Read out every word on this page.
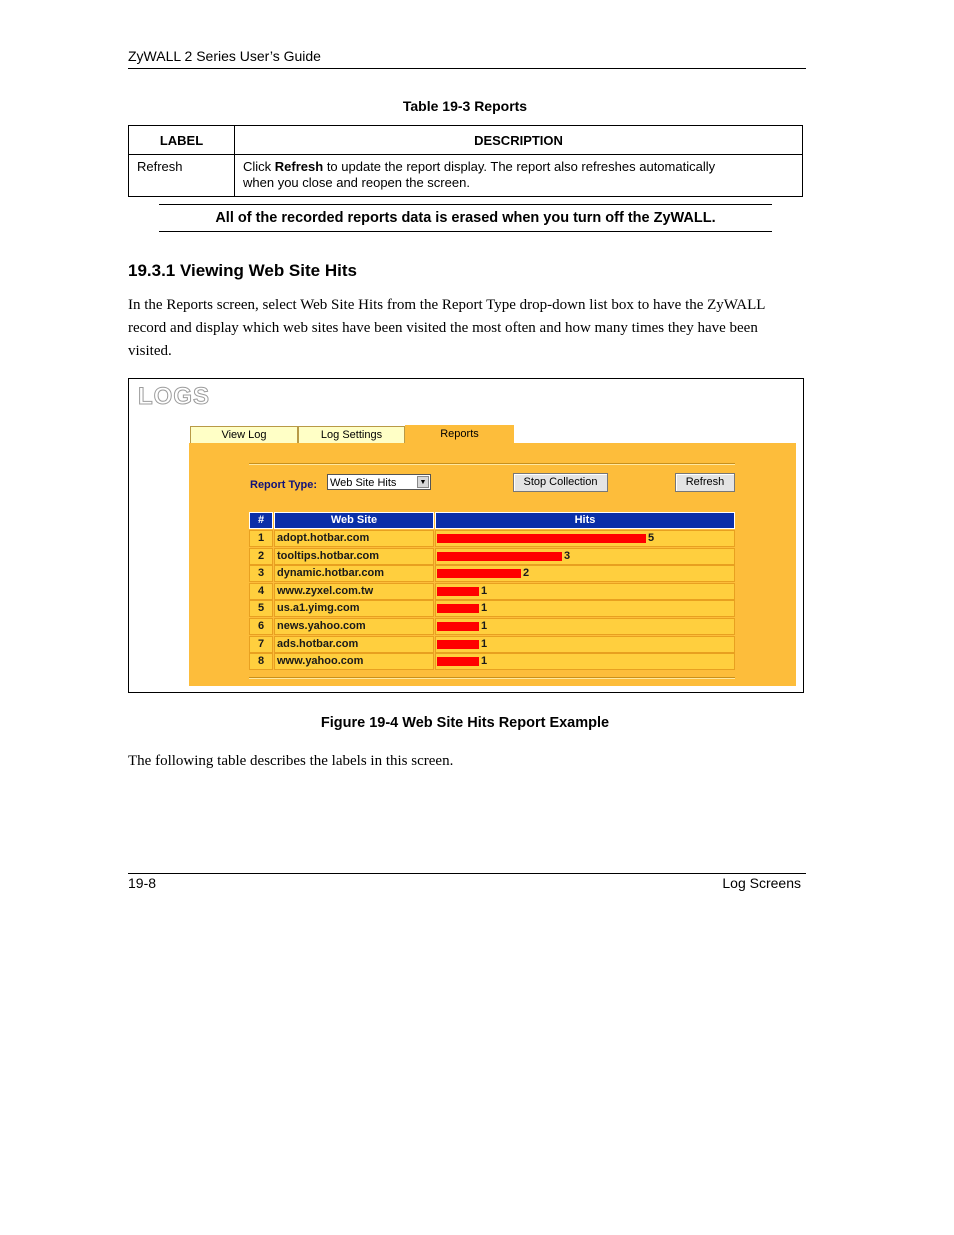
ZyWALL 2 Series User’s Guide
Table 19-3 Reports
LABEL	DESCRIPTION
Refresh	Click Refresh to update the report display. The report also refreshes automatically
when you close and reopen the screen.
All of the recorded reports data is erased when you turn off the ZyWALL.
19.3.1 Viewing Web Site Hits
In the Reports screen, select Web Site Hits from the Report Type drop-down list box to have the ZyWALL
record and display which web sites have been visited the most often and how many times they have been
visited.
LOGS
View Log	Log Settings	Reports
Report Type: Web Site Hits	▼	Stop Collection	Refresh
#	Web Site	Hits
1	adopt.hotbar.com	5
2	tooltips.hotbar.com	3
3	dynamic.hotbar.com	2
4	www.zyxel.com.tw	1
5	us.a1.yimg.com	1
6	news.yahoo.com	1
7	ads.hotbar.com	1
8	www.yahoo.com	1
Figure 19-4 Web Site Hits Report Example
The following table describes the labels in this screen.
19-8	Log Screens
